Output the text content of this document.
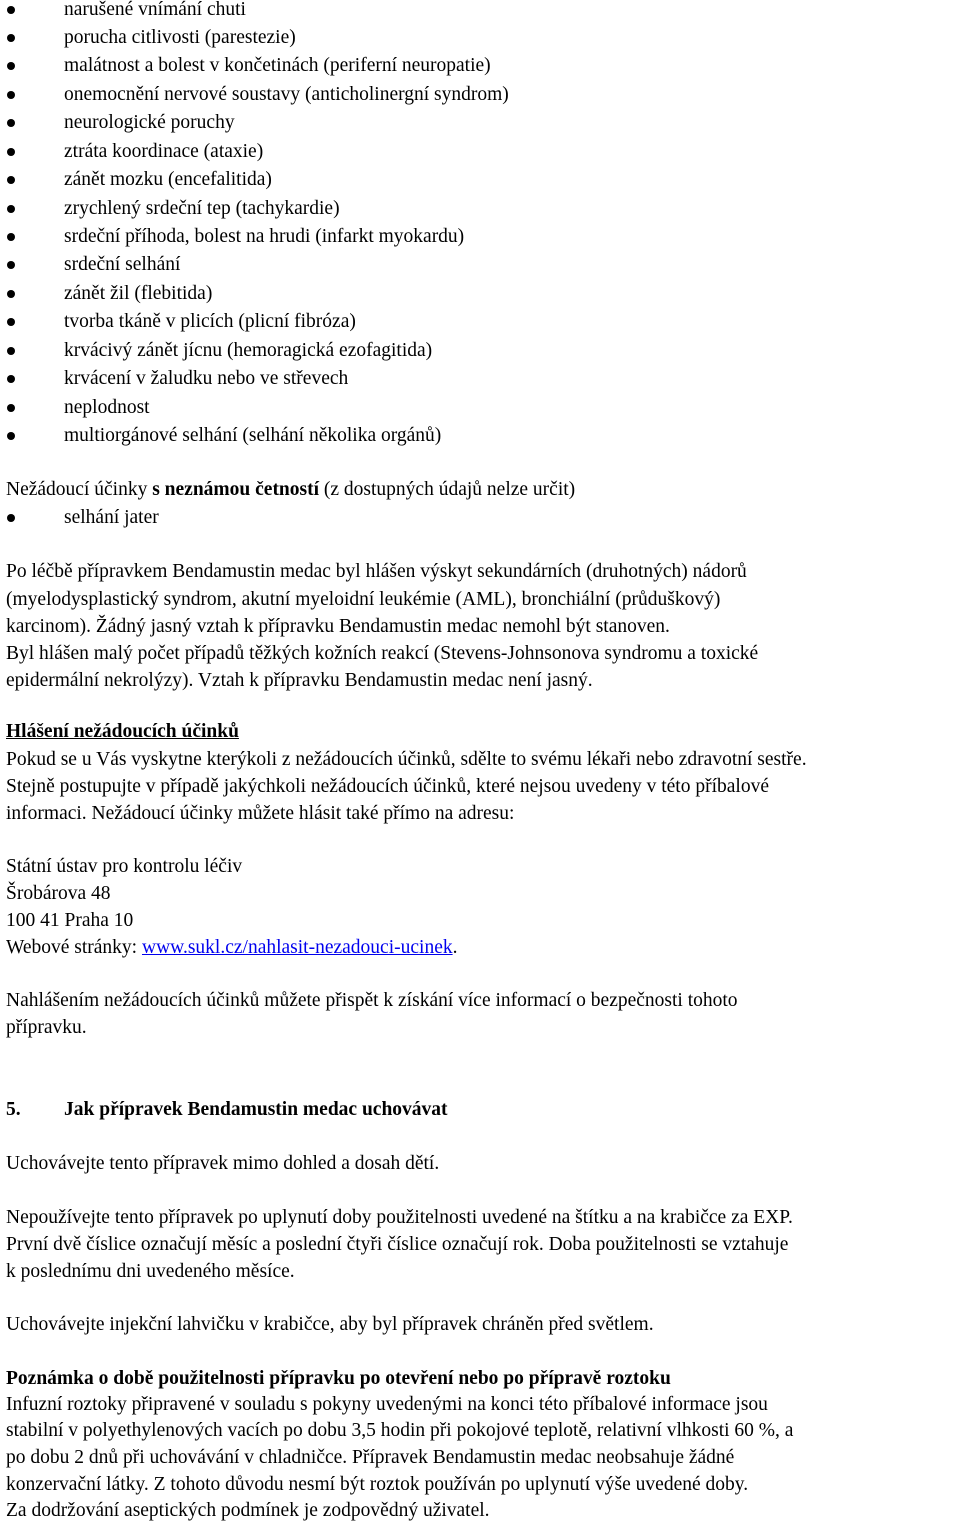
narušené vnímání chuti
porucha citlivosti (parestezie)
malátnost a bolest v končetinách (periferní neuropatie)
onemocnění nervové soustavy (anticholinergní syndrom)
neurologické poruchy
ztráta koordinace (ataxie)
zánět mozku (encefalitida)
zrychlený srdeční tep (tachykardie)
srdeční příhoda, bolest na hrudi (infarkt myokardu)
srdeční selhání
zánět žil (flebitida)
tvorba tkáně v plicích (plicní fibróza)
krvácivý zánět jícnu (hemoragická ezofagitida)
krvácení v žaludku nebo ve střevech
neplodnost
multiorgánové selhání (selhání několika orgánů)
Nežádoucí účinky s neznámou četností (z dostupných údajů nelze určit)
selhání jater
Po léčbě přípravkem Bendamustin medac byl hlášen výskyt sekundárních (druhotných) nádorů
(myelodysplastický syndrom, akutní myeloidní leukémie (AML), bronchiální (průduškový)
karcinom). Žádný jasný vztah k přípravku Bendamustin medac nemohl být stanoven.
Byl hlášen malý počet případů těžkých kožních reakcí (Stevens-Johnsonova syndromu a toxické
epidermální nekrolýzy). Vztah k přípravku Bendamustin medac není jasný.
Hlášení nežádoucích účinků
Pokud se u Vás vyskytne kterýkoli z nežádoucích účinků, sdělte to svému lékaři nebo zdravotní sestře.
Stejně postupujte v případě jakýchkoli nežádoucích účinků, které nejsou uvedeny v této příbalové
informaci. Nežádoucí účinky můžete hlásit také přímo na adresu:
Státní ústav pro kontrolu léčiv
Šrobárova 48
100 41 Praha 10
Webové stránky: www.sukl.cz/nahlasit-nezadouci-ucinek.
Nahlášením nežádoucích účinků můžete přispět k získání více informací o bezpečnosti tohoto
přípravku.
5. Jak přípravek Bendamustin medac uchovávat
Uchovávejte tento přípravek mimo dohled a dosah dětí.
Nepoužívejte tento přípravek po uplynutí doby použitelnosti uvedené na štítku a na krabičce za EXP.
První dvě číslice označují měsíc a poslední čtyři číslice označují rok. Doba použitelnosti se vztahuje
k poslednímu dni uvedeného měsíce.
Uchovávejte injekční lahvičku v krabičce, aby byl přípravek chráněn před světlem.
Poznámka o době použitelnosti přípravku po otevření nebo po přípravě roztoku
Infuzní roztoky připravené v souladu s pokyny uvedenými na konci této příbalové informace jsou
stabilní v polyethylenových vacích po dobu 3,5 hodin při pokojové teplotě, relativní vlhkosti 60 %, a
po dobu 2 dnů při uchovávání v chladničce. Přípravek Bendamustin medac neobsahuje žádné
konzervační látky. Z tohoto důvodu nesmí být roztok používán po uplynutí výše uvedené doby.
Za dodržování aseptických podmínek je zodpovědný uživatel.
